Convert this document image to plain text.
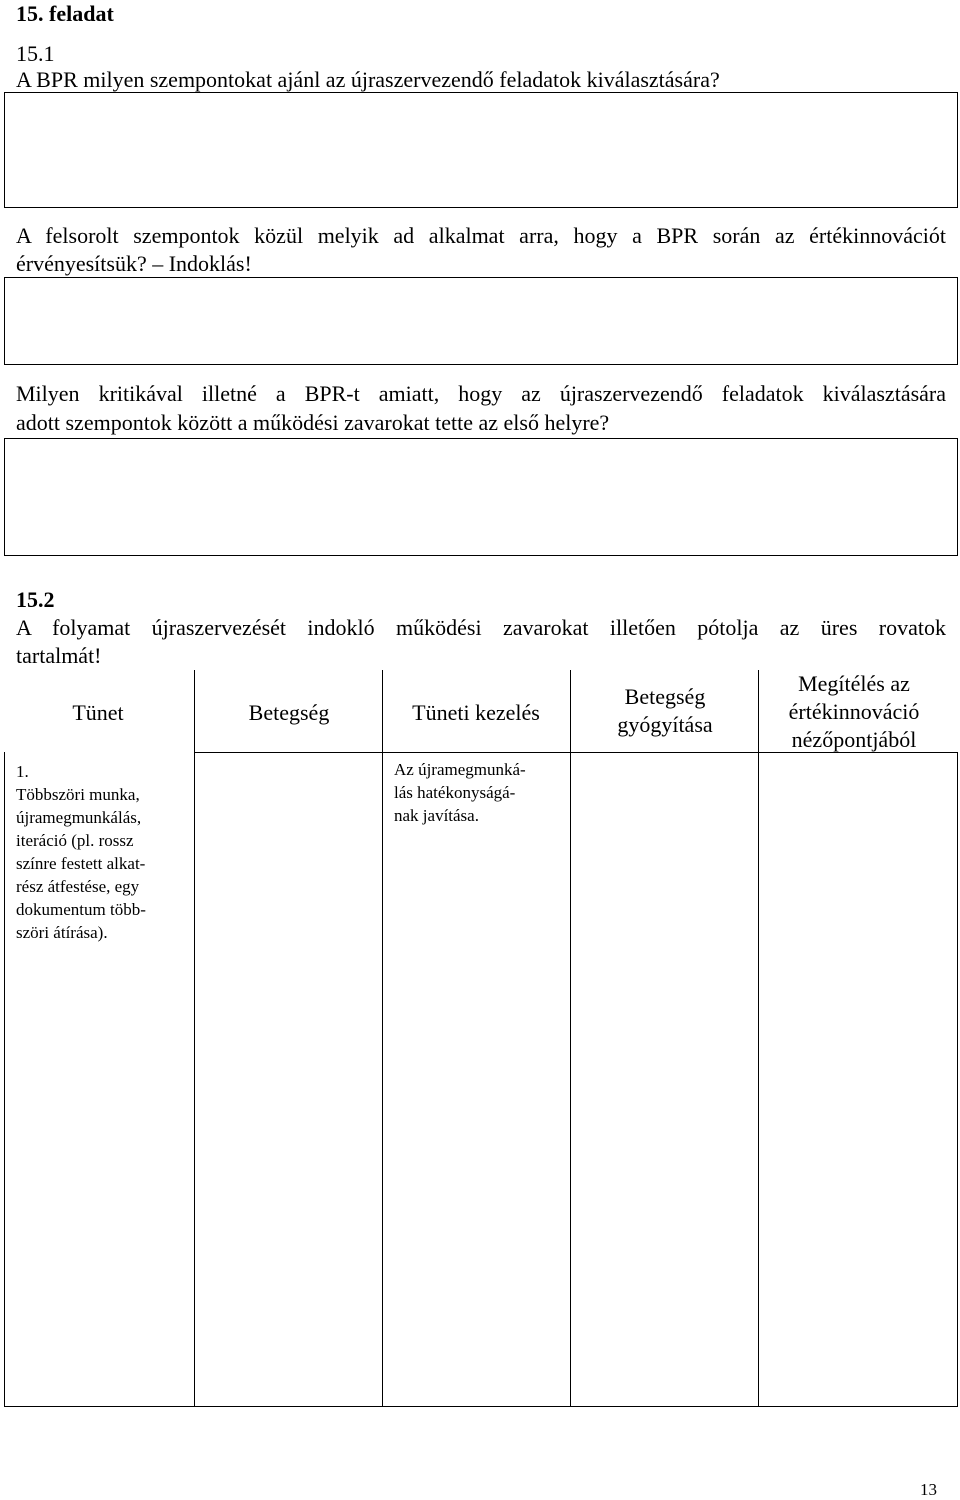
15. feladat
15.1
A BPR milyen szempontokat ajánl az újraszervezendő feladatok kiválasztására?
A felsorolt szempontok közül melyik ad alkalmat arra, hogy a BPR során az értékinnovációt
érvényesítsük? – Indoklás!
Milyen kritikával illetné a BPR-t amiatt, hogy az újraszervezendő feladatok kiválasztására
adott szempontok között a működési zavarokat tette az első helyre?
15.2
A folyamat újraszervezését indokló működési zavarokat illetően pótolja az üres rovatok
tartalmát!
Tünet	Betegség	Tüneti kezelés
Betegség
gyógyítása
Megítélés az
értékinnováció
nézőpontjából
1.
Többszöri munka,
újramegmunkálás,
iteráció (pl. rossz
színre festett alkat-
rész átfestése, egy
dokumentum több-
szöri átírása).
Az újramegmunká-
lás hatékonyságá-
nak javítása.
13
